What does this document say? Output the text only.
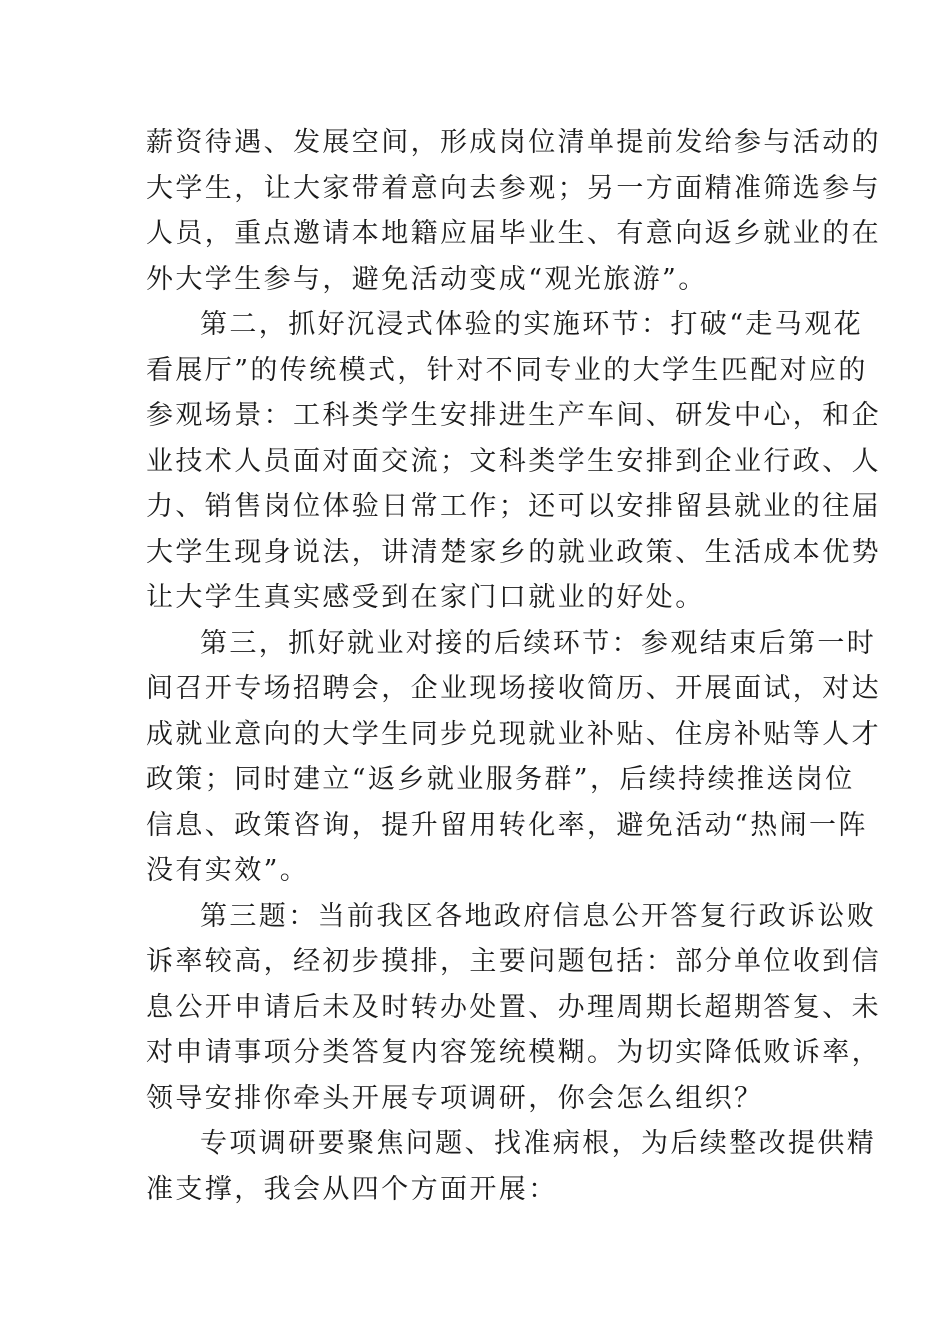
薪资待遇、发展空间，形成岗位清单提前发给参与活动的
大学生，让大家带着意向去参观；另一方面精准筛选参与
人员，重点邀请本地籍应届毕业生、有意向返乡就业的在
外大学生参与，避免活动变成“观光旅游”。
第二，抓好沉浸式体验的实施环节：打破“走马观花
看展厅”的传统模式，针对不同专业的大学生匹配对应的
参观场景：工科类学生安排进生产车间、研发中心，和企
业技术人员面对面交流；文科类学生安排到企业行政、人
力、销售岗位体验日常工作；还可以安排留县就业的往届
大学生现身说法，讲清楚家乡的就业政策、生活成本优势
让大学生真实感受到在家门口就业的好处。
第三，抓好就业对接的后续环节：参观结束后第一时
间召开专场招聘会，企业现场接收简历、开展面试，对达
成就业意向的大学生同步兑现就业补贴、住房补贴等人才
政策；同时建立“返乡就业服务群”，后续持续推送岗位
信息、政策咨询，提升留用转化率，避免活动“热闹一阵
没有实效”。
第三题：当前我区各地政府信息公开答复行政诉讼败
诉率较高，经初步摸排，主要问题包括：部分单位收到信
息公开申请后未及时转办处置、办理周期长超期答复、未
对申请事项分类答复内容笼统模糊。为切实降低败诉率，
领导安排你牵头开展专项调研，你会怎么组织？
专项调研要聚焦问题、找准病根，为后续整改提供精
准支撑，我会从四个方面开展：
